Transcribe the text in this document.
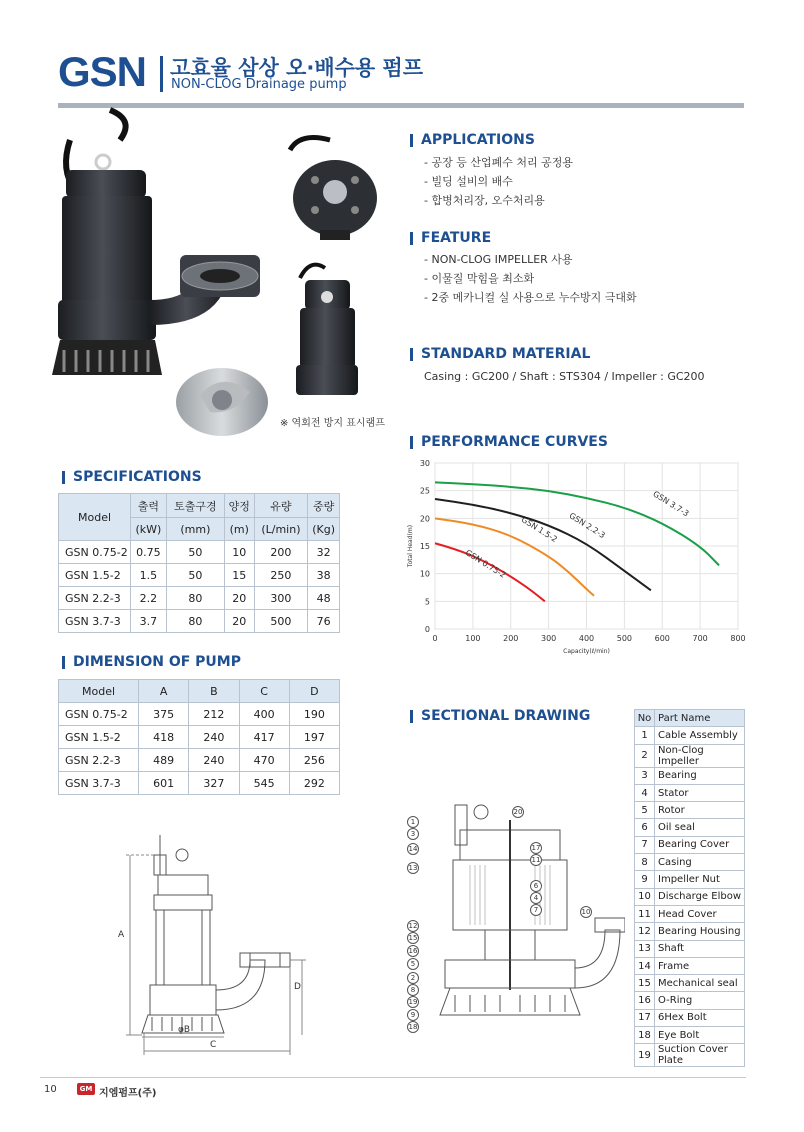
GSN 고효율 삼상 오·배수용 펌프
NON-CLOG Drainage pump
※ 역회전 방지 표시램프
APPLICATIONS
- 공장 등 산업폐수 처리 공정용
- 빌딩 설비의 배수
- 합병처리장, 오수처리용
FEATURE
- NON-CLOG IMPELLER 사용
- 이물질 막힘을 최소화
- 2중 메카니컬 실 사용으로 누수방지 극대화
STANDARD MATERIAL
Casing : GC200 / Shaft : STS304 / Impeller : GC200
PERFORMANCE CURVES
0
5
10
15
20
25
30
0	100	200	300	400	500	600	700	800
Capacity(ℓ/min)
Total Head(m)	GSN 0.75-2
GSN 1.5-2 GSN 2.2-3
GSN 3.7-3
SPECIFICATIONS
Model	출력	토출구경	양정	유량	중량
	(kW)	(mm)	(m)	(L/min)	(Kg)
GSN 0.75-2	0.75	50	10	200	32
GSN 1.5-2	1.5	50	15	250	38
GSN 2.2-3	2.2	80	20	300	48
GSN 3.7-3	3.7	80	20	500	76
DIMENSION OF PUMP
Model	A	B	C	D
GSN 0.75-2	375	212	400	190
GSN 1.5-2	418	240	417	197
GSN 2.2-3	489	240	470	256
GSN 3.7-3	601	327	545	292
A
φB
C
D
SECTIONAL DRAWING
1
3
14
13
12
15
16
5
2
8
19
9
18
20
17
11
6
4
7	10
No	Part Name
1	Cable Assembly
2	Non-Clog Impeller
3	Bearing
4	Stator
5	Rotor
6	Oil seal
7	Bearing Cover
8	Casing
9	Impeller Nut
10	Discharge Elbow
11	Head Cover
12	Bearing Housing
13	Shaft
14	Frame
15	Mechanical seal
16	O-Ring
17	6Hex Bolt
18	Eye Bolt
19	Suction Cover Plate
10	GM 지엠펌프(주)
